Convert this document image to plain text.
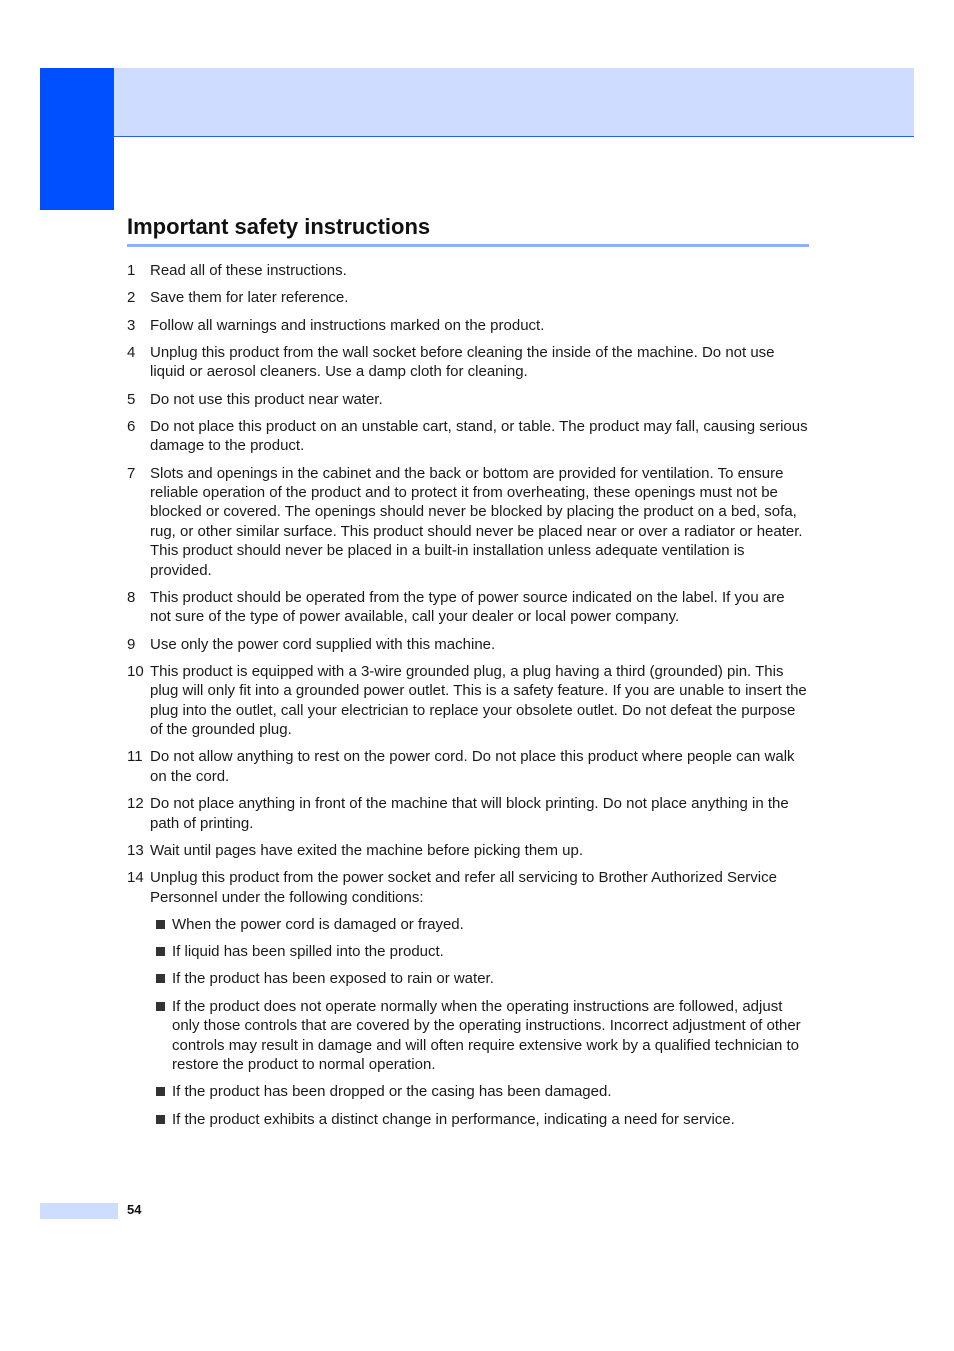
Important safety instructions
1 Read all of these instructions.
2 Save them for later reference.
3 Follow all warnings and instructions marked on the product.
4 Unplug this product from the wall socket before cleaning the inside of the machine. Do not use liquid or aerosol cleaners. Use a damp cloth for cleaning.
5 Do not use this product near water.
6 Do not place this product on an unstable cart, stand, or table. The product may fall, causing serious damage to the product.
7 Slots and openings in the cabinet and the back or bottom are provided for ventilation. To ensure reliable operation of the product and to protect it from overheating, these openings must not be blocked or covered. The openings should never be blocked by placing the product on a bed, sofa, rug, or other similar surface. This product should never be placed near or over a radiator or heater. This product should never be placed in a built-in installation unless adequate ventilation is provided.
8 This product should be operated from the type of power source indicated on the label. If you are not sure of the type of power available, call your dealer or local power company.
9 Use only the power cord supplied with this machine.
10 This product is equipped with a 3-wire grounded plug, a plug having a third (grounded) pin. This plug will only fit into a grounded power outlet. This is a safety feature. If you are unable to insert the plug into the outlet, call your electrician to replace your obsolete outlet. Do not defeat the purpose of the grounded plug.
11 Do not allow anything to rest on the power cord. Do not place this product where people can walk on the cord.
12 Do not place anything in front of the machine that will block printing. Do not place anything in the path of printing.
13 Wait until pages have exited the machine before picking them up.
14 Unplug this product from the power socket and refer all servicing to Brother Authorized Service Personnel under the following conditions:
When the power cord is damaged or frayed.
If liquid has been spilled into the product.
If the product has been exposed to rain or water.
If the product does not operate normally when the operating instructions are followed, adjust only those controls that are covered by the operating instructions. Incorrect adjustment of other controls may result in damage and will often require extensive work by a qualified technician to restore the product to normal operation.
If the product has been dropped or the casing has been damaged.
If the product exhibits a distinct change in performance, indicating a need for service.
54
